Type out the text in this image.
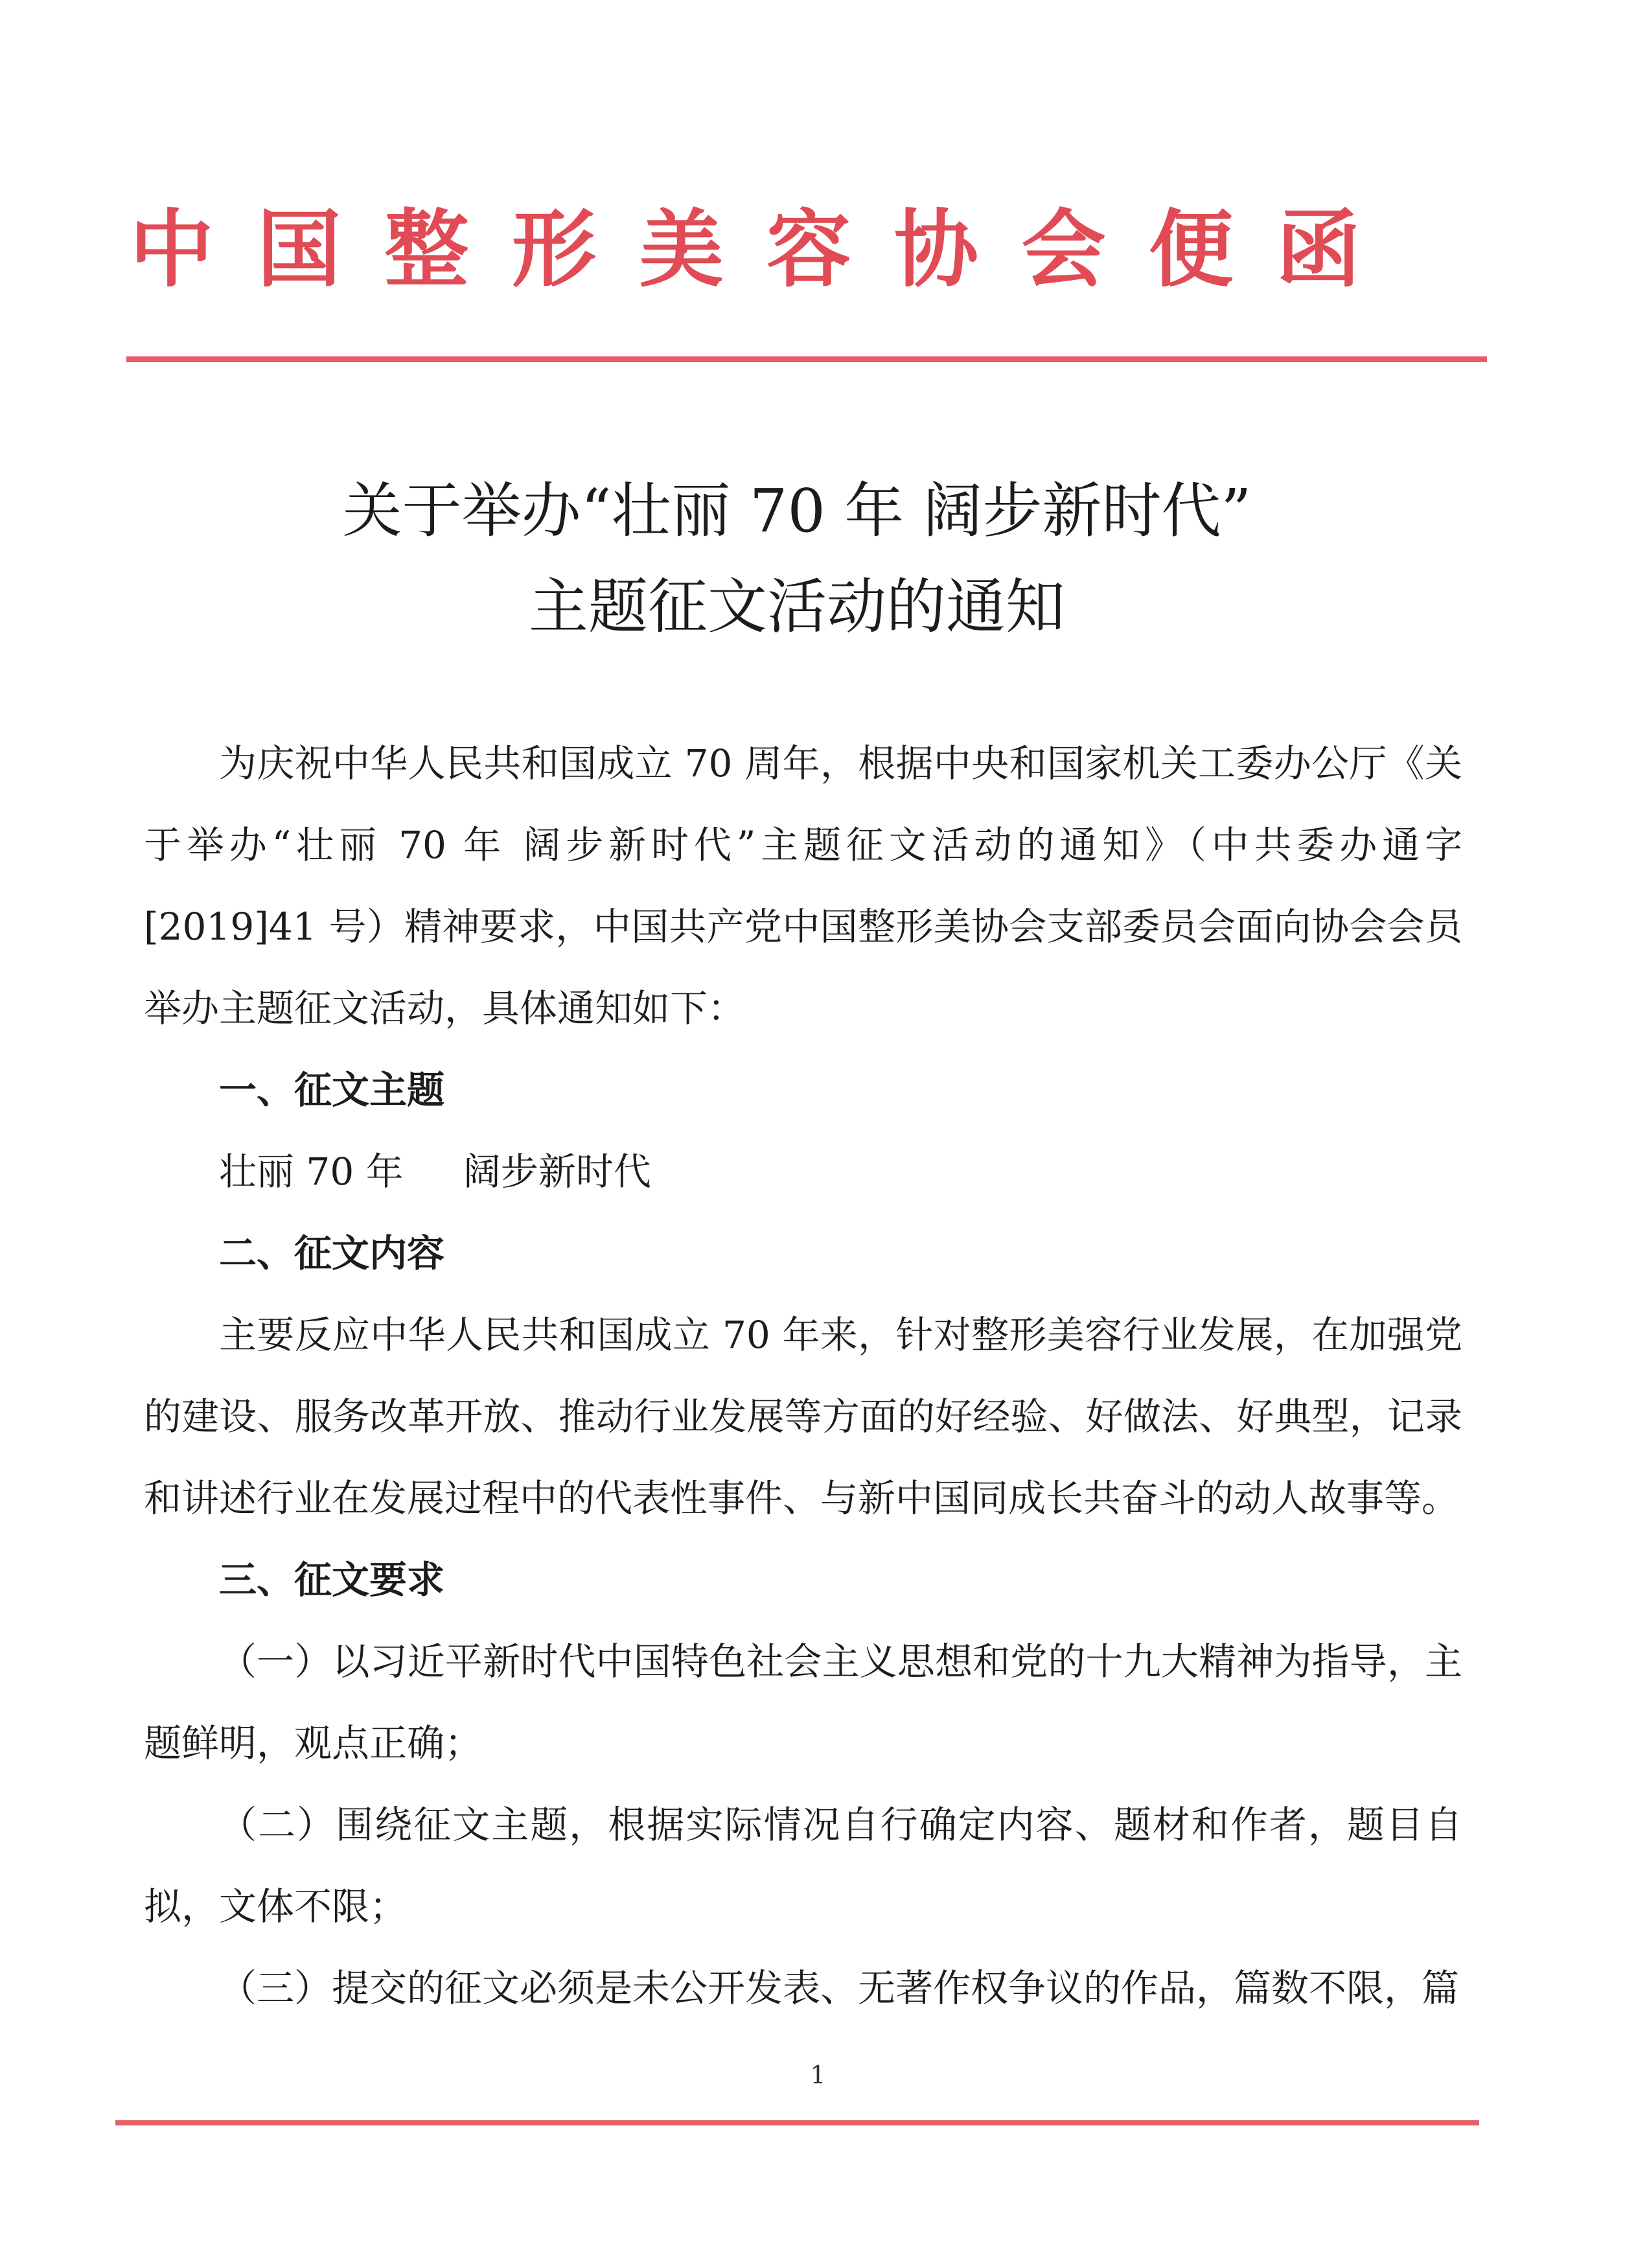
中 国 整 形 美 容 协 会 便 函
关于举办“壮丽 70 年 阔步新时代”
主题征文活动的通知

为庆祝中华人民共和国成立 70 周年，根据中央和国家机关工委办公厅《关于举办“壮丽 70 年 阔步新时代”主题征文活动的通知》（中共委办通字[2019]41 号）精神要求，中国共产党中国整形美协会支部委员会面向协会会员举办主题征文活动，具体通知如下：

一、征文主题

壮丽 70 年     阔步新时代

二、征文内容

主要反应中华人民共和国成立 70 年来，针对整形美容行业发展，在加强党的建设、服务改革开放、推动行业发展等方面的好经验、好做法、好典型，记录和讲述行业在发展过程中的代表性事件、与新中国同成长共奋斗的动人故事等。

三、征文要求

（一）以习近平新时代中国特色社会主义思想和党的十九大精神为指导，主题鲜明，观点正确；

（二）围绕征文主题，根据实际情况自行确定内容、题材和作者，题目自拟，文体不限；

（三）提交的征文必须是未公开发表、无著作权争议的作品，篇数不限，篇

1
